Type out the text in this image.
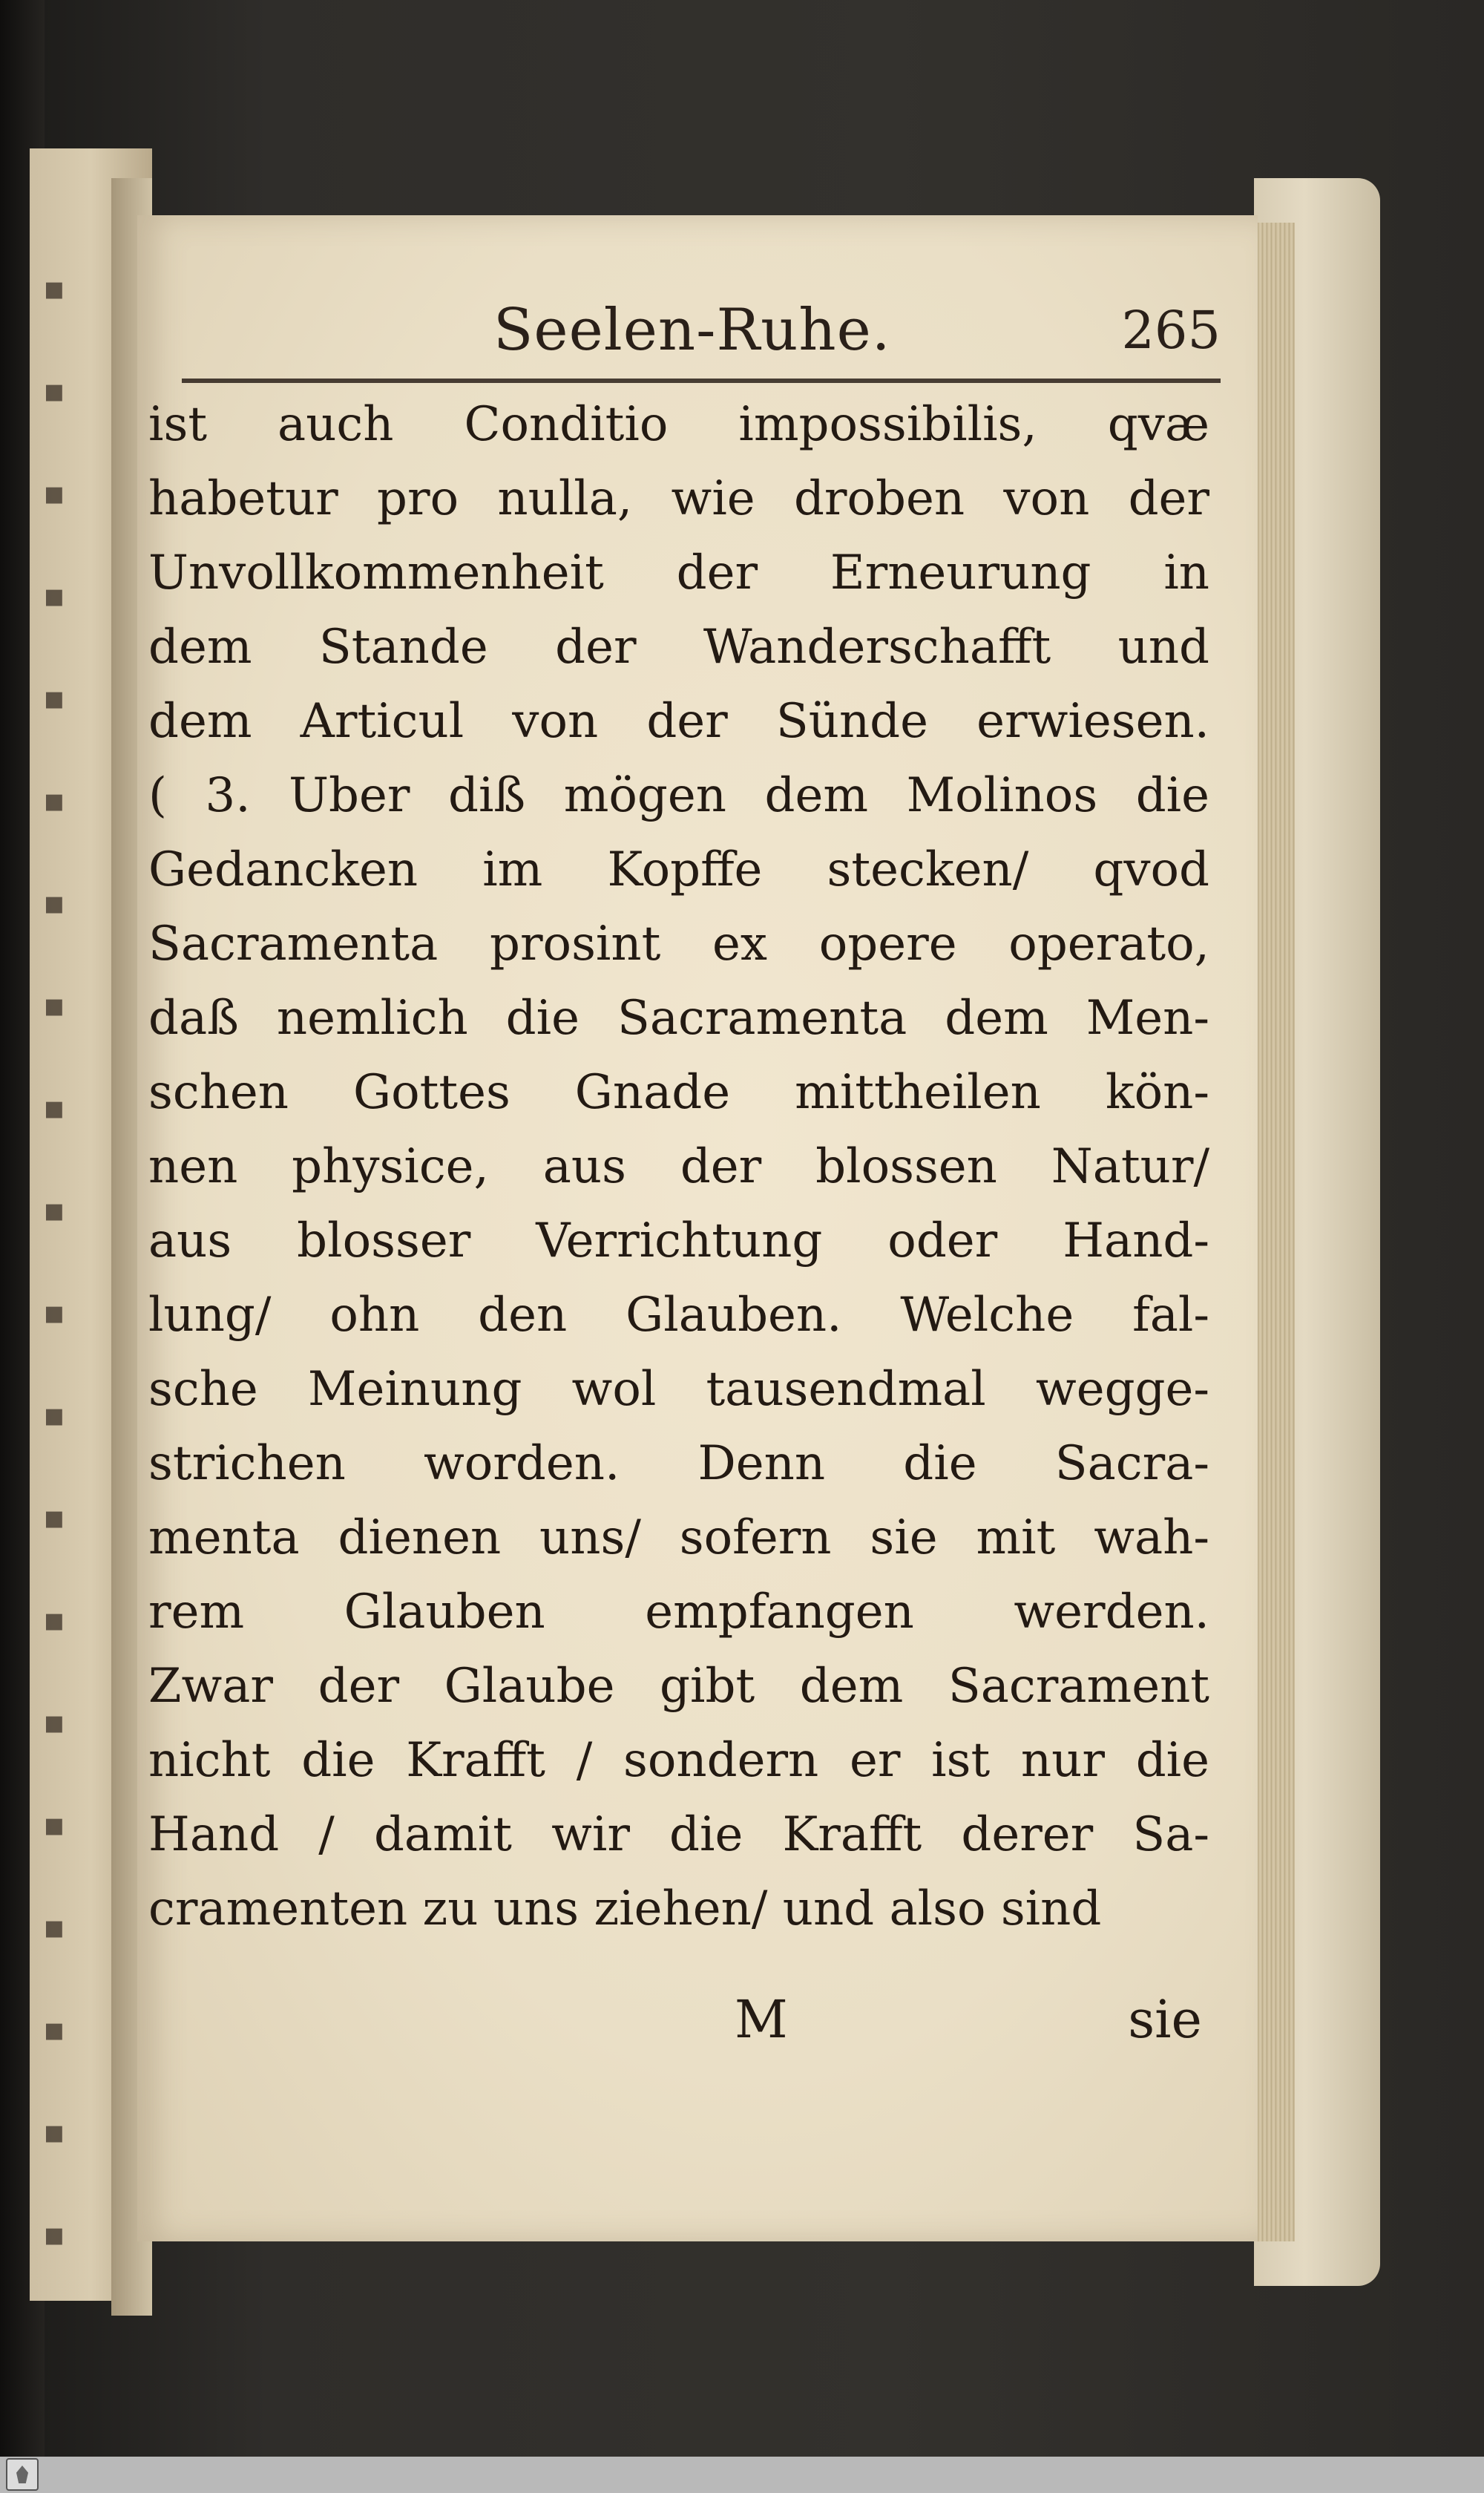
▪
▪
▪
▪
▪
▪
▪
▪
▪
▪
▪
▪
▪
▪
▪
▪
▪
▪
▪
▪
Seelen-Ruhe.	265
ist auch Conditio impossibilis, qvæ
habetur pro nulla, wie droben von der
Unvollkommenheit der Erneurung in
dem Stande der Wanderschafft und
dem Articul von der Sünde erwiesen.
( 3. Uber diß mögen dem Molinos die
Gedancken im Kopffe stecken/ qvod
Sacramenta prosint ex opere operato,
daß nemlich die Sacramenta dem Men-
schen Gottes Gnade mittheilen kön-
nen physice, aus der blossen Natur/
aus blosser Verrichtung oder Hand-
lung/ ohn den Glauben. Welche fal-
sche Meinung wol tausendmal wegge-
strichen worden. Denn die Sacra-
menta dienen uns/ sofern sie mit wah-
rem Glauben empfangen werden.
Zwar der Glaube gibt dem Sacrament
nicht die Krafft / sondern er ist nur die
Hand / damit wir die Krafft derer Sa-
cramenten zu uns ziehen/ und also sind
M	sie
